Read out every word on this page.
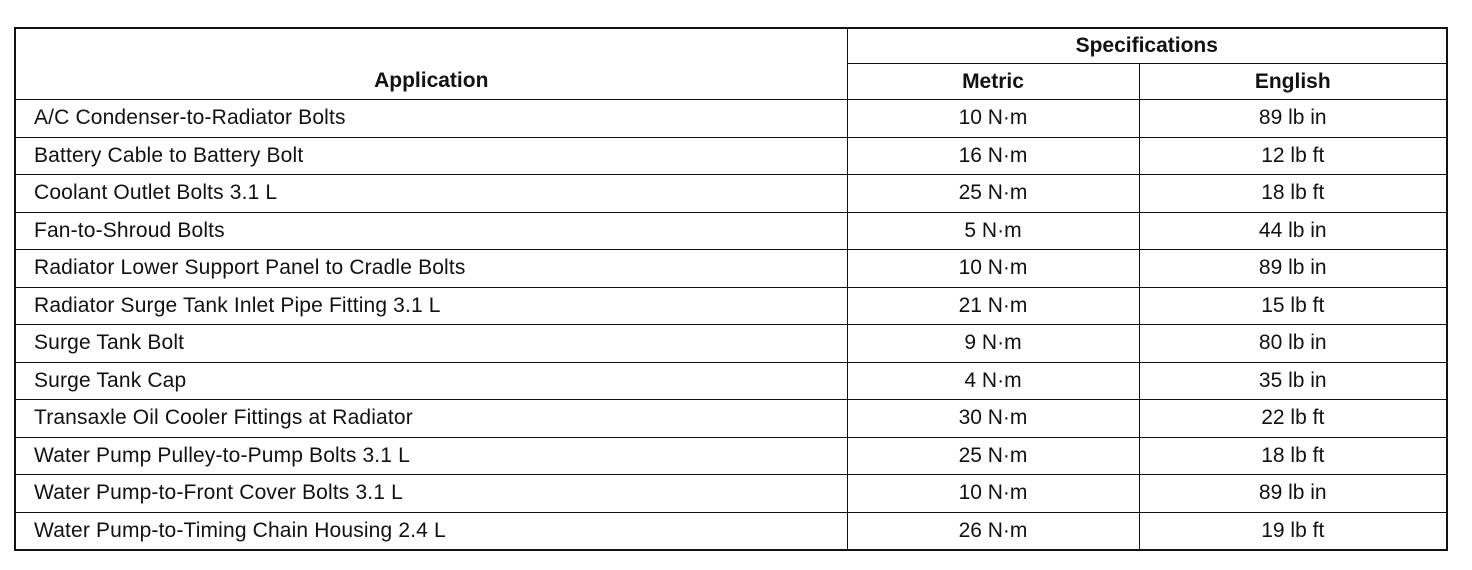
Application	Specifications	
	Metric	English
A/C Condenser-to-Radiator Bolts	10 N·m	89 lb in
Battery Cable to Battery Bolt	16 N·m	12 lb ft
Coolant Outlet Bolts 3.1 L	25 N·m	18 lb ft
Fan-to-Shroud Bolts	5 N·m	44 lb in
Radiator Lower Support Panel to Cradle Bolts	10 N·m	89 lb in
Radiator Surge Tank Inlet Pipe Fitting 3.1 L	21 N·m	15 lb ft
Surge Tank Bolt	9 N·m	80 lb in
Surge Tank Cap	4 N·m	35 lb in
Transaxle Oil Cooler Fittings at Radiator	30 N·m	22 lb ft
Water Pump Pulley-to-Pump Bolts 3.1 L	25 N·m	18 lb ft
Water Pump-to-Front Cover Bolts 3.1 L	10 N·m	89 lb in
Water Pump-to-Timing Chain Housing 2.4 L	26 N·m	19 lb ft
